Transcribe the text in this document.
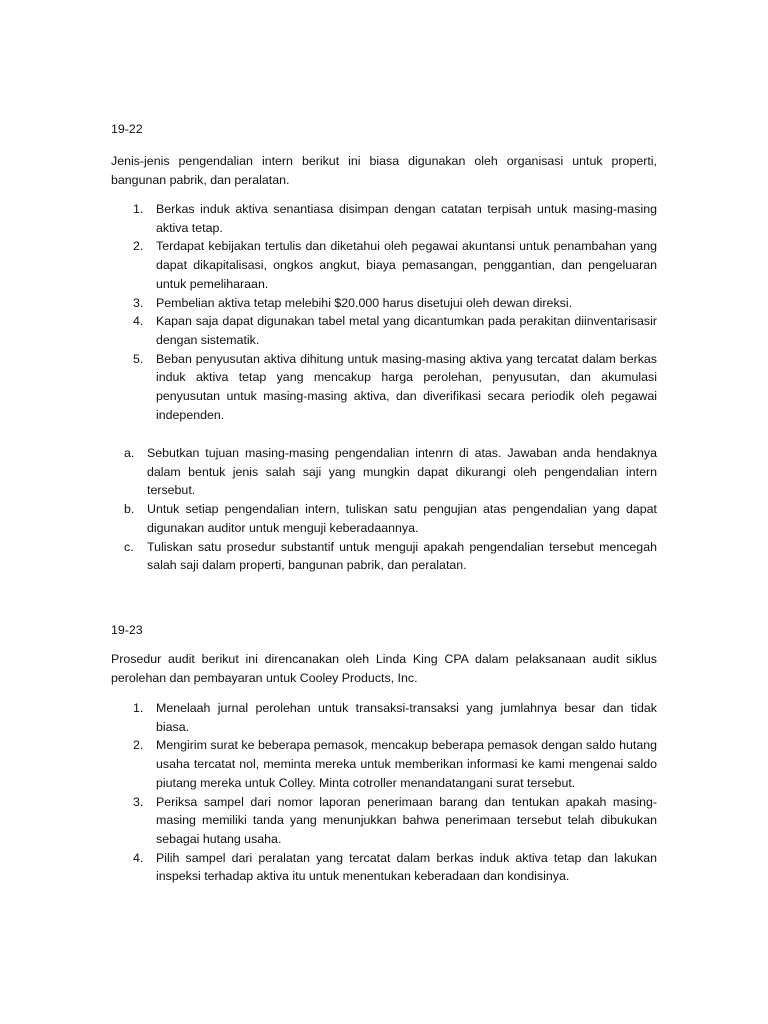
19-22

Jenis-jenis pengendalian intern berikut ini biasa digunakan oleh organisasi untuk properti, bangunan pabrik, dan peralatan.

1. Berkas induk aktiva senantiasa disimpan dengan catatan terpisah untuk masing-masing aktiva tetap.
2. Terdapat kebijakan tertulis dan diketahui oleh pegawai akuntansi untuk penambahan yang dapat dikapitalisasi, ongkos angkut, biaya pemasangan, penggantian, dan pengeluaran untuk pemeliharaan.
3. Pembelian aktiva tetap melebihi $20.000 harus disetujui oleh dewan direksi.
4. Kapan saja dapat digunakan tabel metal yang dicantumkan pada perakitan diinventarisasir dengan sistematik.
5. Beban penyusutan aktiva dihitung untuk masing-masing aktiva yang tercatat dalam berkas induk aktiva tetap yang mencakup harga perolehan, penyusutan, dan akumulasi penyusutan untuk masing-masing aktiva, dan diverifikasi secara periodik oleh pegawai independen.
a. Sebutkan tujuan masing-masing pengendalian intenrn di atas. Jawaban anda hendaknya dalam bentuk jenis salah saji yang mungkin dapat dikurangi oleh pengendalian intern tersebut.
b. Untuk setiap pengendalian intern, tuliskan satu pengujian atas pengendalian yang dapat digunakan auditor untuk menguji keberadaannya.
c. Tuliskan satu prosedur substantif untuk menguji apakah pengendalian tersebut mencegah salah saji dalam properti, bangunan pabrik, dan peralatan.

19-23

Prosedur audit berikut ini direncanakan oleh Linda King CPA dalam pelaksanaan audit siklus perolehan dan pembayaran untuk Cooley Products, Inc.

1. Menelaah jurnal perolehan untuk transaksi-transaksi yang jumlahnya besar dan tidak biasa.
2. Mengirim surat ke beberapa pemasok, mencakup beberapa pemasok dengan saldo hutang usaha tercatat nol, meminta mereka untuk memberikan informasi ke kami mengenai saldo piutang mereka untuk Colley. Minta cotroller menandatangani surat tersebut.
3. Periksa sampel dari nomor laporan penerimaan barang dan tentukan apakah masing-masing memiliki tanda yang menunjukkan bahwa penerimaan tersebut telah dibukukan sebagai hutang usaha.
4. Pilih sampel dari peralatan yang tercatat dalam berkas induk aktiva tetap dan lakukan inspeksi terhadap aktiva itu untuk menentukan keberadaan dan kondisinya.
